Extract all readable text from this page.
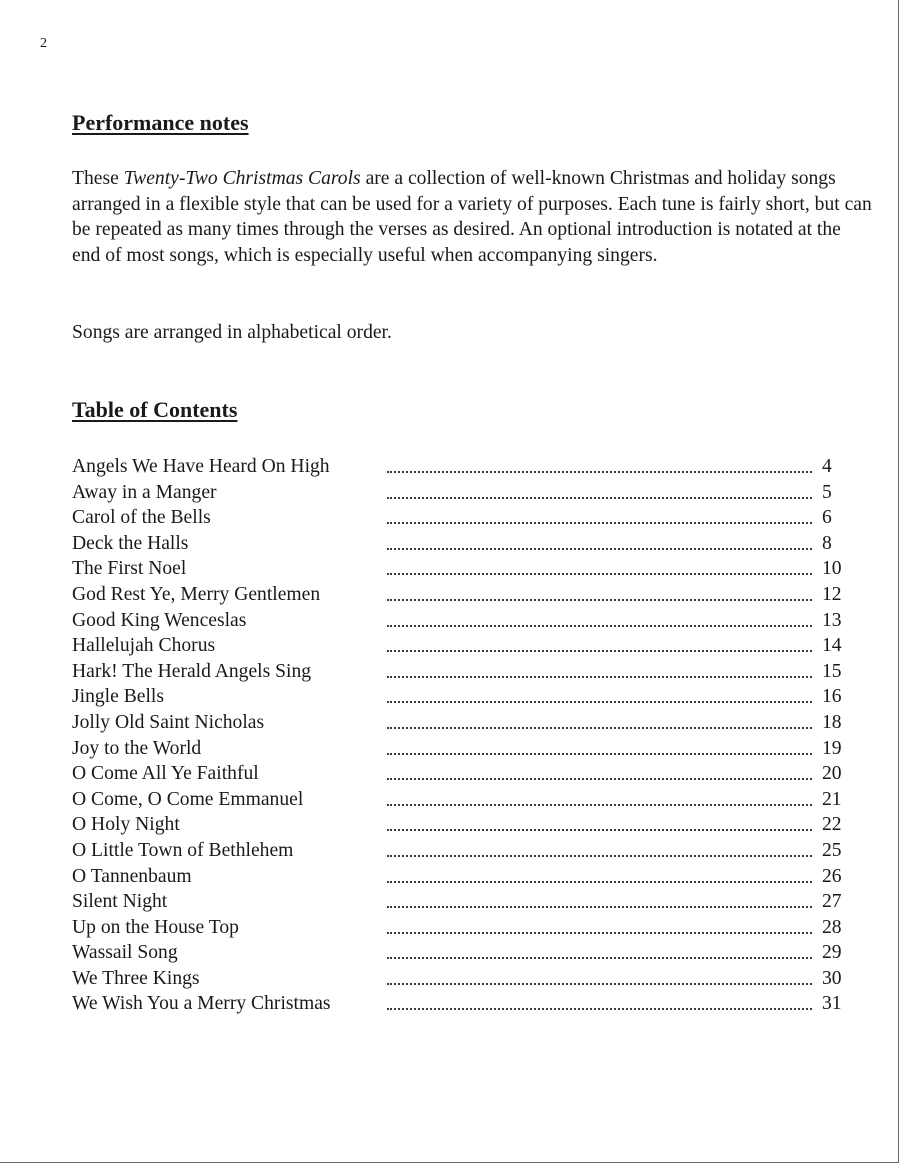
2
Performance notes

These Twenty-Two Christmas Carols are a collection of well-known Christmas and holiday songs arranged in a flexible style that can be used for a variety of purposes. Each tune is fairly short, but can be repeated as many times through the verses as desired. An optional introduction is notated at the end of most songs, which is especially useful when accompanying singers.

Songs are arranged in alphabetical order.

Table of Contents
Angels We Have Heard On High	4
Away in a Manger	5
Carol of the Bells	6
Deck the Halls	8
The First Noel	10
God Rest Ye, Merry Gentlemen	12
Good King Wenceslas	13
Hallelujah Chorus	14
Hark! The Herald Angels Sing	15
Jingle Bells	16
Jolly Old Saint Nicholas	18
Joy to the World	19
O Come All Ye Faithful	20
O Come, O Come Emmanuel	21
O Holy Night	22
O Little Town of Bethlehem	25
O Tannenbaum	26
Silent Night	27
Up on the House Top	28
Wassail Song	29
We Three Kings	30
We Wish You a Merry Christmas	31
